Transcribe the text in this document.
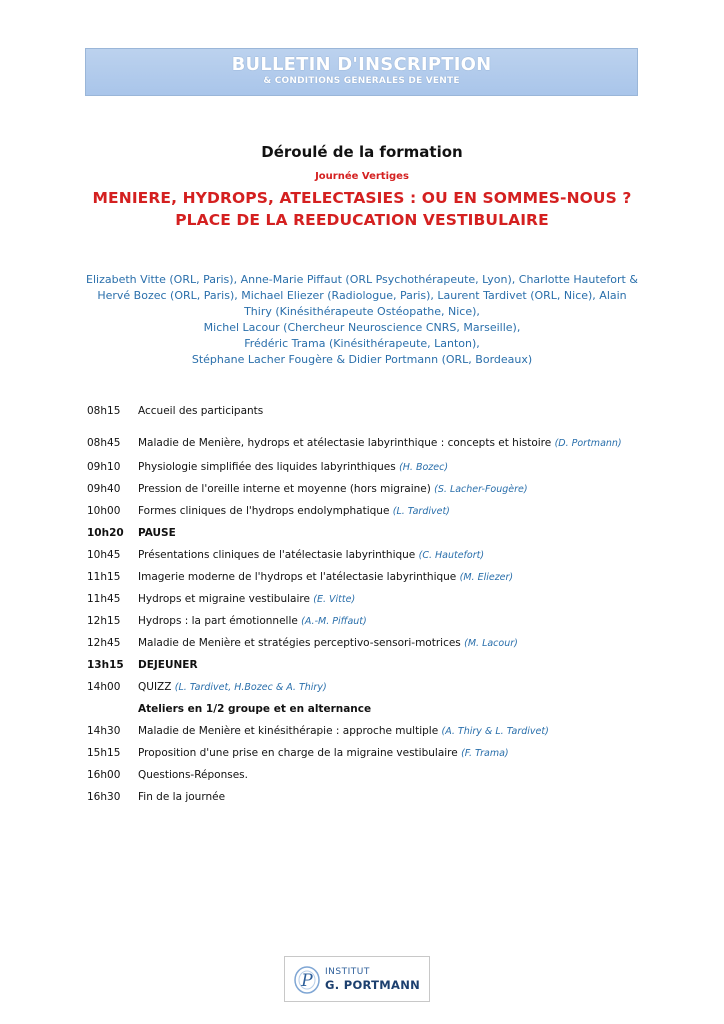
BULLETIN D'INSCRIPTION
& CONDITIONS GENERALES DE VENTE
Déroulé de la formation
Journée Vertiges
MENIERE, HYDROPS, ATELECTASIES : OU EN SOMMES-NOUS ?
PLACE DE LA REEDUCATION VESTIBULAIRE
Elizabeth Vitte (ORL, Paris), Anne-Marie Piffaut (ORL Psychothérapeute, Lyon), Charlotte Hautefort &
Hervé Bozec (ORL, Paris), Michael Eliezer (Radiologue, Paris), Laurent Tardivet (ORL, Nice), Alain
Thiry (Kinésithérapeute Ostéopathe, Nice),
Michel Lacour (Chercheur Neuroscience CNRS, Marseille),
Frédéric Trama (Kinésithérapeute, Lanton),
Stéphane Lacher Fougère & Didier Portmann (ORL, Bordeaux)
08h15 Accueil des participants
08h45 Maladie de Menière, hydrops et atélectasie labyrinthique : concepts et histoire (D. Portmann)
09h10 Physiologie simplifiée des liquides labyrinthiques (H. Bozec)
09h40 Pression de l'oreille interne et moyenne (hors migraine) (S. Lacher-Fougère)
10h00 Formes cliniques de l'hydrops endolymphatique (L. Tardivet)
10h20 PAUSE
10h45 Présentations cliniques de l'atélectasie labyrinthique (C. Hautefort)
11h15 Imagerie moderne de l'hydrops et l'atélectasie labyrinthique (M. Eliezer)
11h45 Hydrops et migraine vestibulaire (E. Vitte)
12h15 Hydrops : la part émotionnelle (A.-M. Piffaut)
12h45 Maladie de Menière et stratégies perceptivo-sensori-motrices (M. Lacour)
13h15 DEJEUNER
14h00 QUIZZ (L. Tardivet, H.Bozec & A. Thiry)
Ateliers en 1/2 groupe et en alternance
14h30 Maladie de Menière et kinésithérapie : approche multiple (A. Thiry & L. Tardivet)
15h15 Proposition d'une prise en charge de la migraine vestibulaire (F. Trama)
16h00 Questions-Réponses.
16h30 Fin de la journée
P INSTITUT
G. PORTMANN
